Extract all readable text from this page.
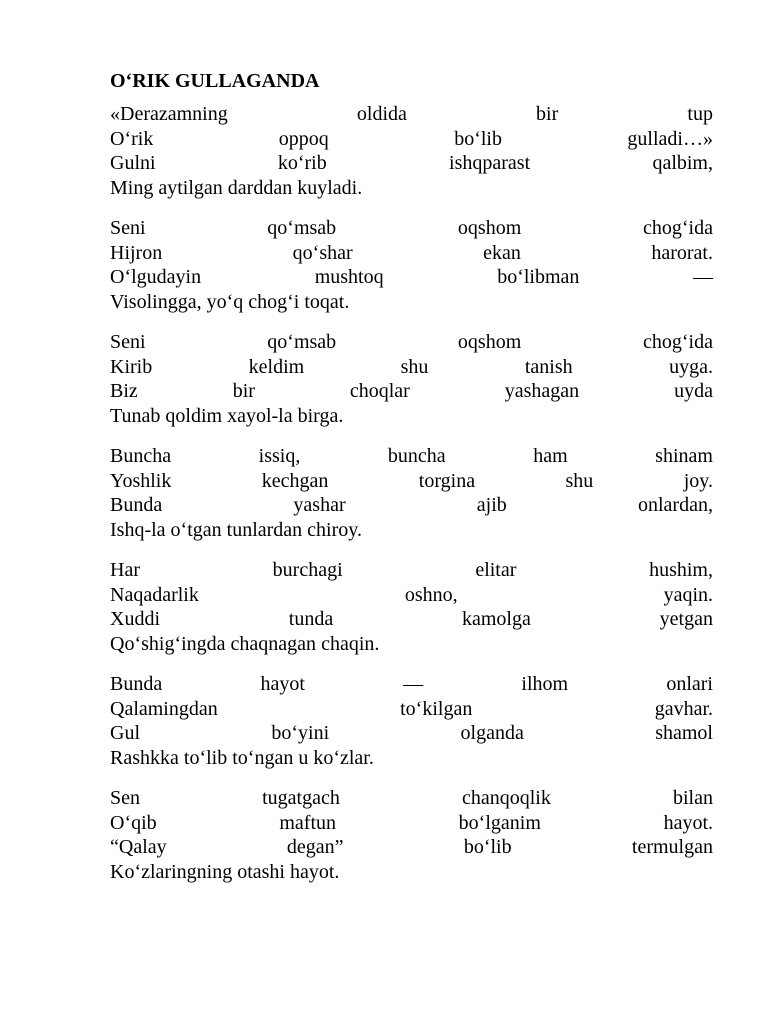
O‘RIK GULLAGANDA
«Derazamning	oldida	bir	tup
O‘rik	oppoq	bo‘lib	gulladi…»
Gulni	ko‘rib	ishqparast	qalbim,
Ming aytilgan darddan kuyladi.
Seni	qo‘msab	oqshom	chog‘ida
Hijron	qo‘shar	ekan	harorat.
O‘lgudayin	mushtoq	bo‘libman	—
Visolingga, yo‘q chog‘i toqat.
Seni	qo‘msab	oqshom	chog‘ida
Kirib	keldim	shu	tanish	uyga.
Biz	bir	choqlar	yashagan	uyda
Tunab qoldim xayol-la birga.
Buncha	issiq,	buncha	ham	shinam
Yoshlik	kechgan	torgina	shu	joy.
Bunda	yashar	ajib	onlardan,
Ishq-la o‘tgan tunlardan chiroy.
Har	burchagi	elitar	hushim,
Naqadarlik	oshno,	yaqin.
Xuddi	tunda	kamolga	yetgan
Qo‘shig‘ingda chaqnagan chaqin.
Bunda	hayot	—	ilhom	onlari
Qalamingdan	to‘kilgan	gavhar.
Gul	bo‘yini	olganda	shamol
Rashkka to‘lib to‘ngan u ko‘zlar.
Sen	tugatgach	chanqoqlik	bilan
O‘qib	maftun	bo‘lganim	hayot.
“Qalay	degan”	bo‘lib	termulgan
Ko‘zlaringning otashi hayot.
